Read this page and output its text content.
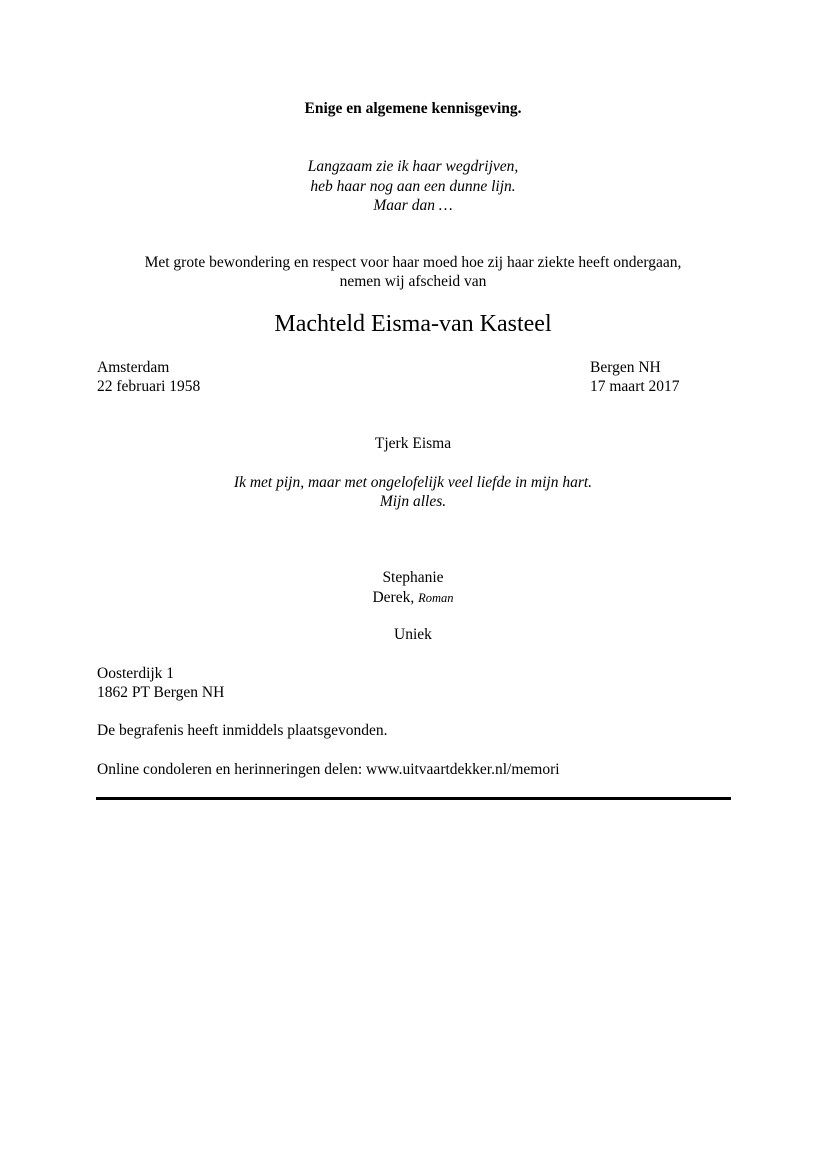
Enige en algemene kennisgeving.
Langzaam zie ik haar wegdrijven,
heb haar nog aan een dunne lijn.
Maar dan …
Met grote bewondering en respect voor haar moed hoe zij haar ziekte heeft ondergaan,
nemen wij afscheid van
Machteld Eisma-van Kasteel
Amsterdam
22 februari 1958
Bergen NH
17 maart 2017
Tjerk Eisma
Ik met pijn, maar met ongelofelijk veel liefde in mijn hart.
Mijn alles.
Stephanie
Derek, Roman
Uniek
Oosterdijk 1
1862 PT Bergen NH
De begrafenis heeft inmiddels plaatsgevonden.
Online condoleren en herinneringen delen: www.uitvaartdekker.nl/memori
